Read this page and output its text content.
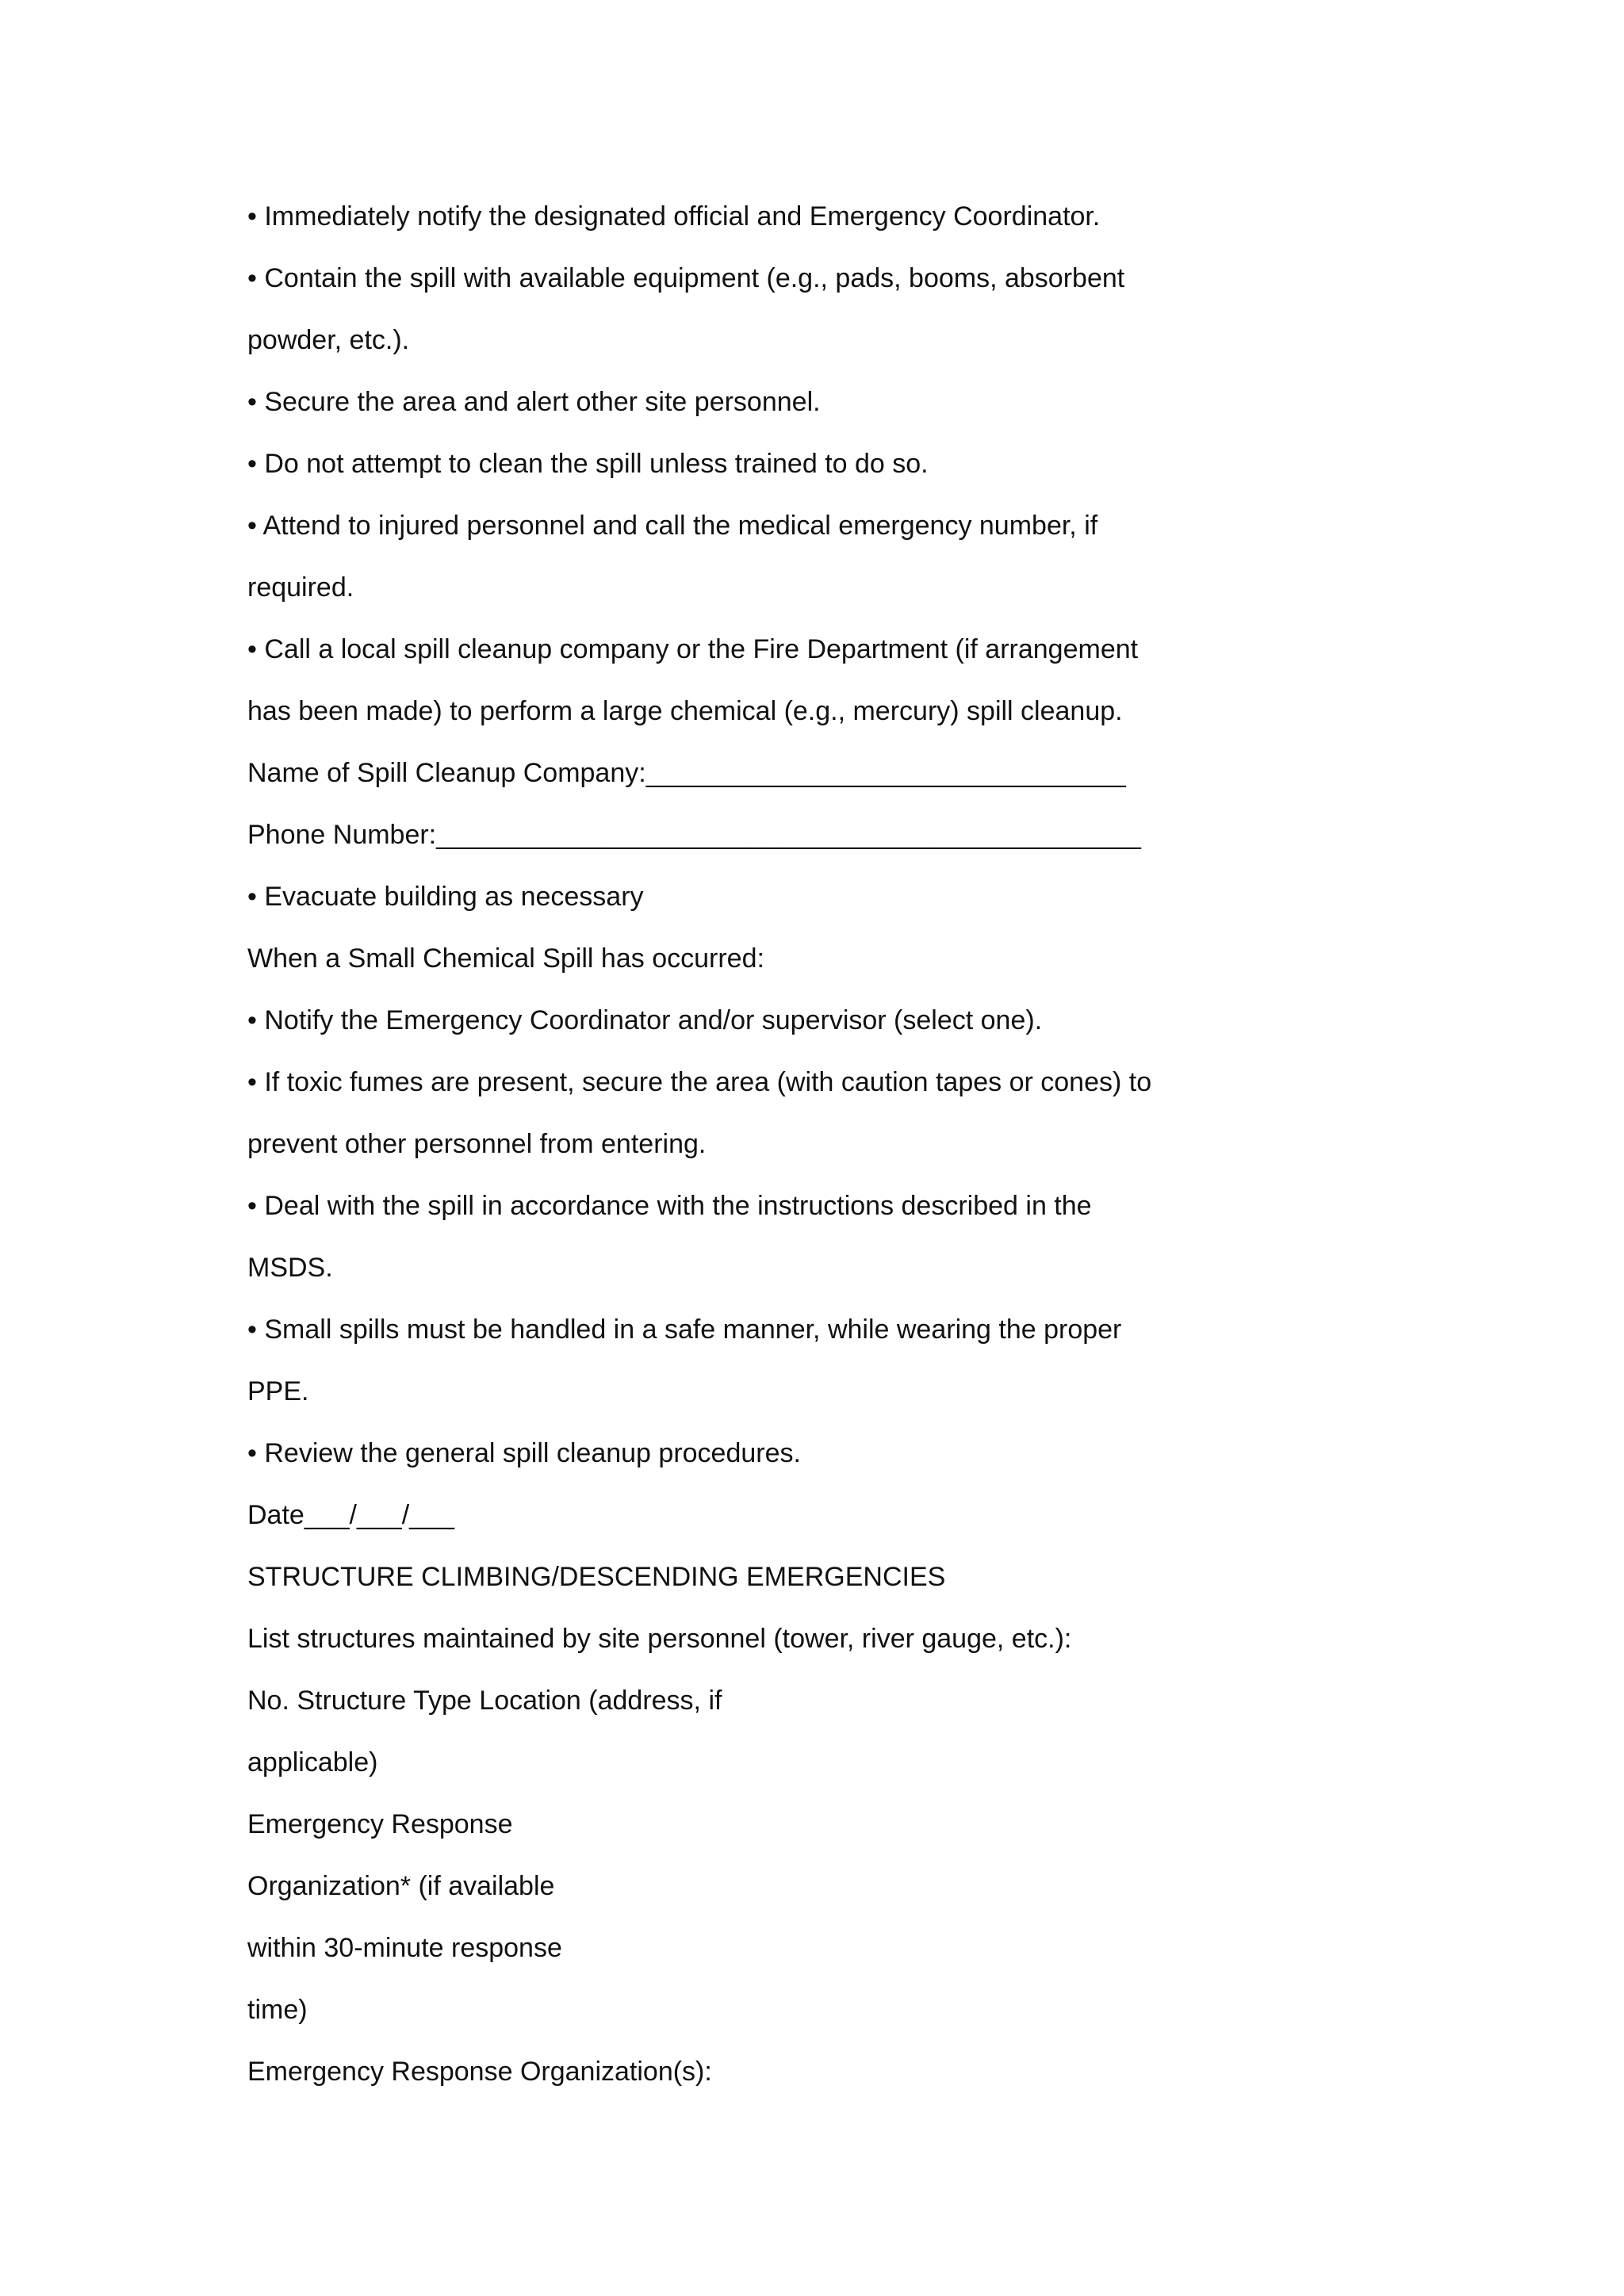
• Immediately notify the designated official and Emergency Coordinator.
• Contain the spill with available equipment (e.g., pads, booms, absorbent
powder, etc.).
• Secure the area and alert other site personnel.
• Do not attempt to clean the spill unless trained to do so.
• Attend to injured personnel and call the medical emergency number, if
required.
• Call a local spill cleanup company or the Fire Department (if arrangement
has been made) to perform a large chemical (e.g., mercury) spill cleanup.
Name of Spill Cleanup Company:________________________________
Phone Number:_______________________________________________
• Evacuate building as necessary
When a Small Chemical Spill has occurred:
• Notify the Emergency Coordinator and/or supervisor (select one).
• If toxic fumes are present, secure the area (with caution tapes or cones) to
prevent other personnel from entering.
• Deal with the spill in accordance with the instructions described in the
MSDS.
• Small spills must be handled in a safe manner, while wearing the proper
PPE.
• Review the general spill cleanup procedures.
Date___/___/___
STRUCTURE CLIMBING/DESCENDING EMERGENCIES
List structures maintained by site personnel (tower, river gauge, etc.):
No. Structure Type Location (address, if
applicable)
Emergency Response
Organization* (if available
within 30-minute response
time)
Emergency Response Organization(s):
